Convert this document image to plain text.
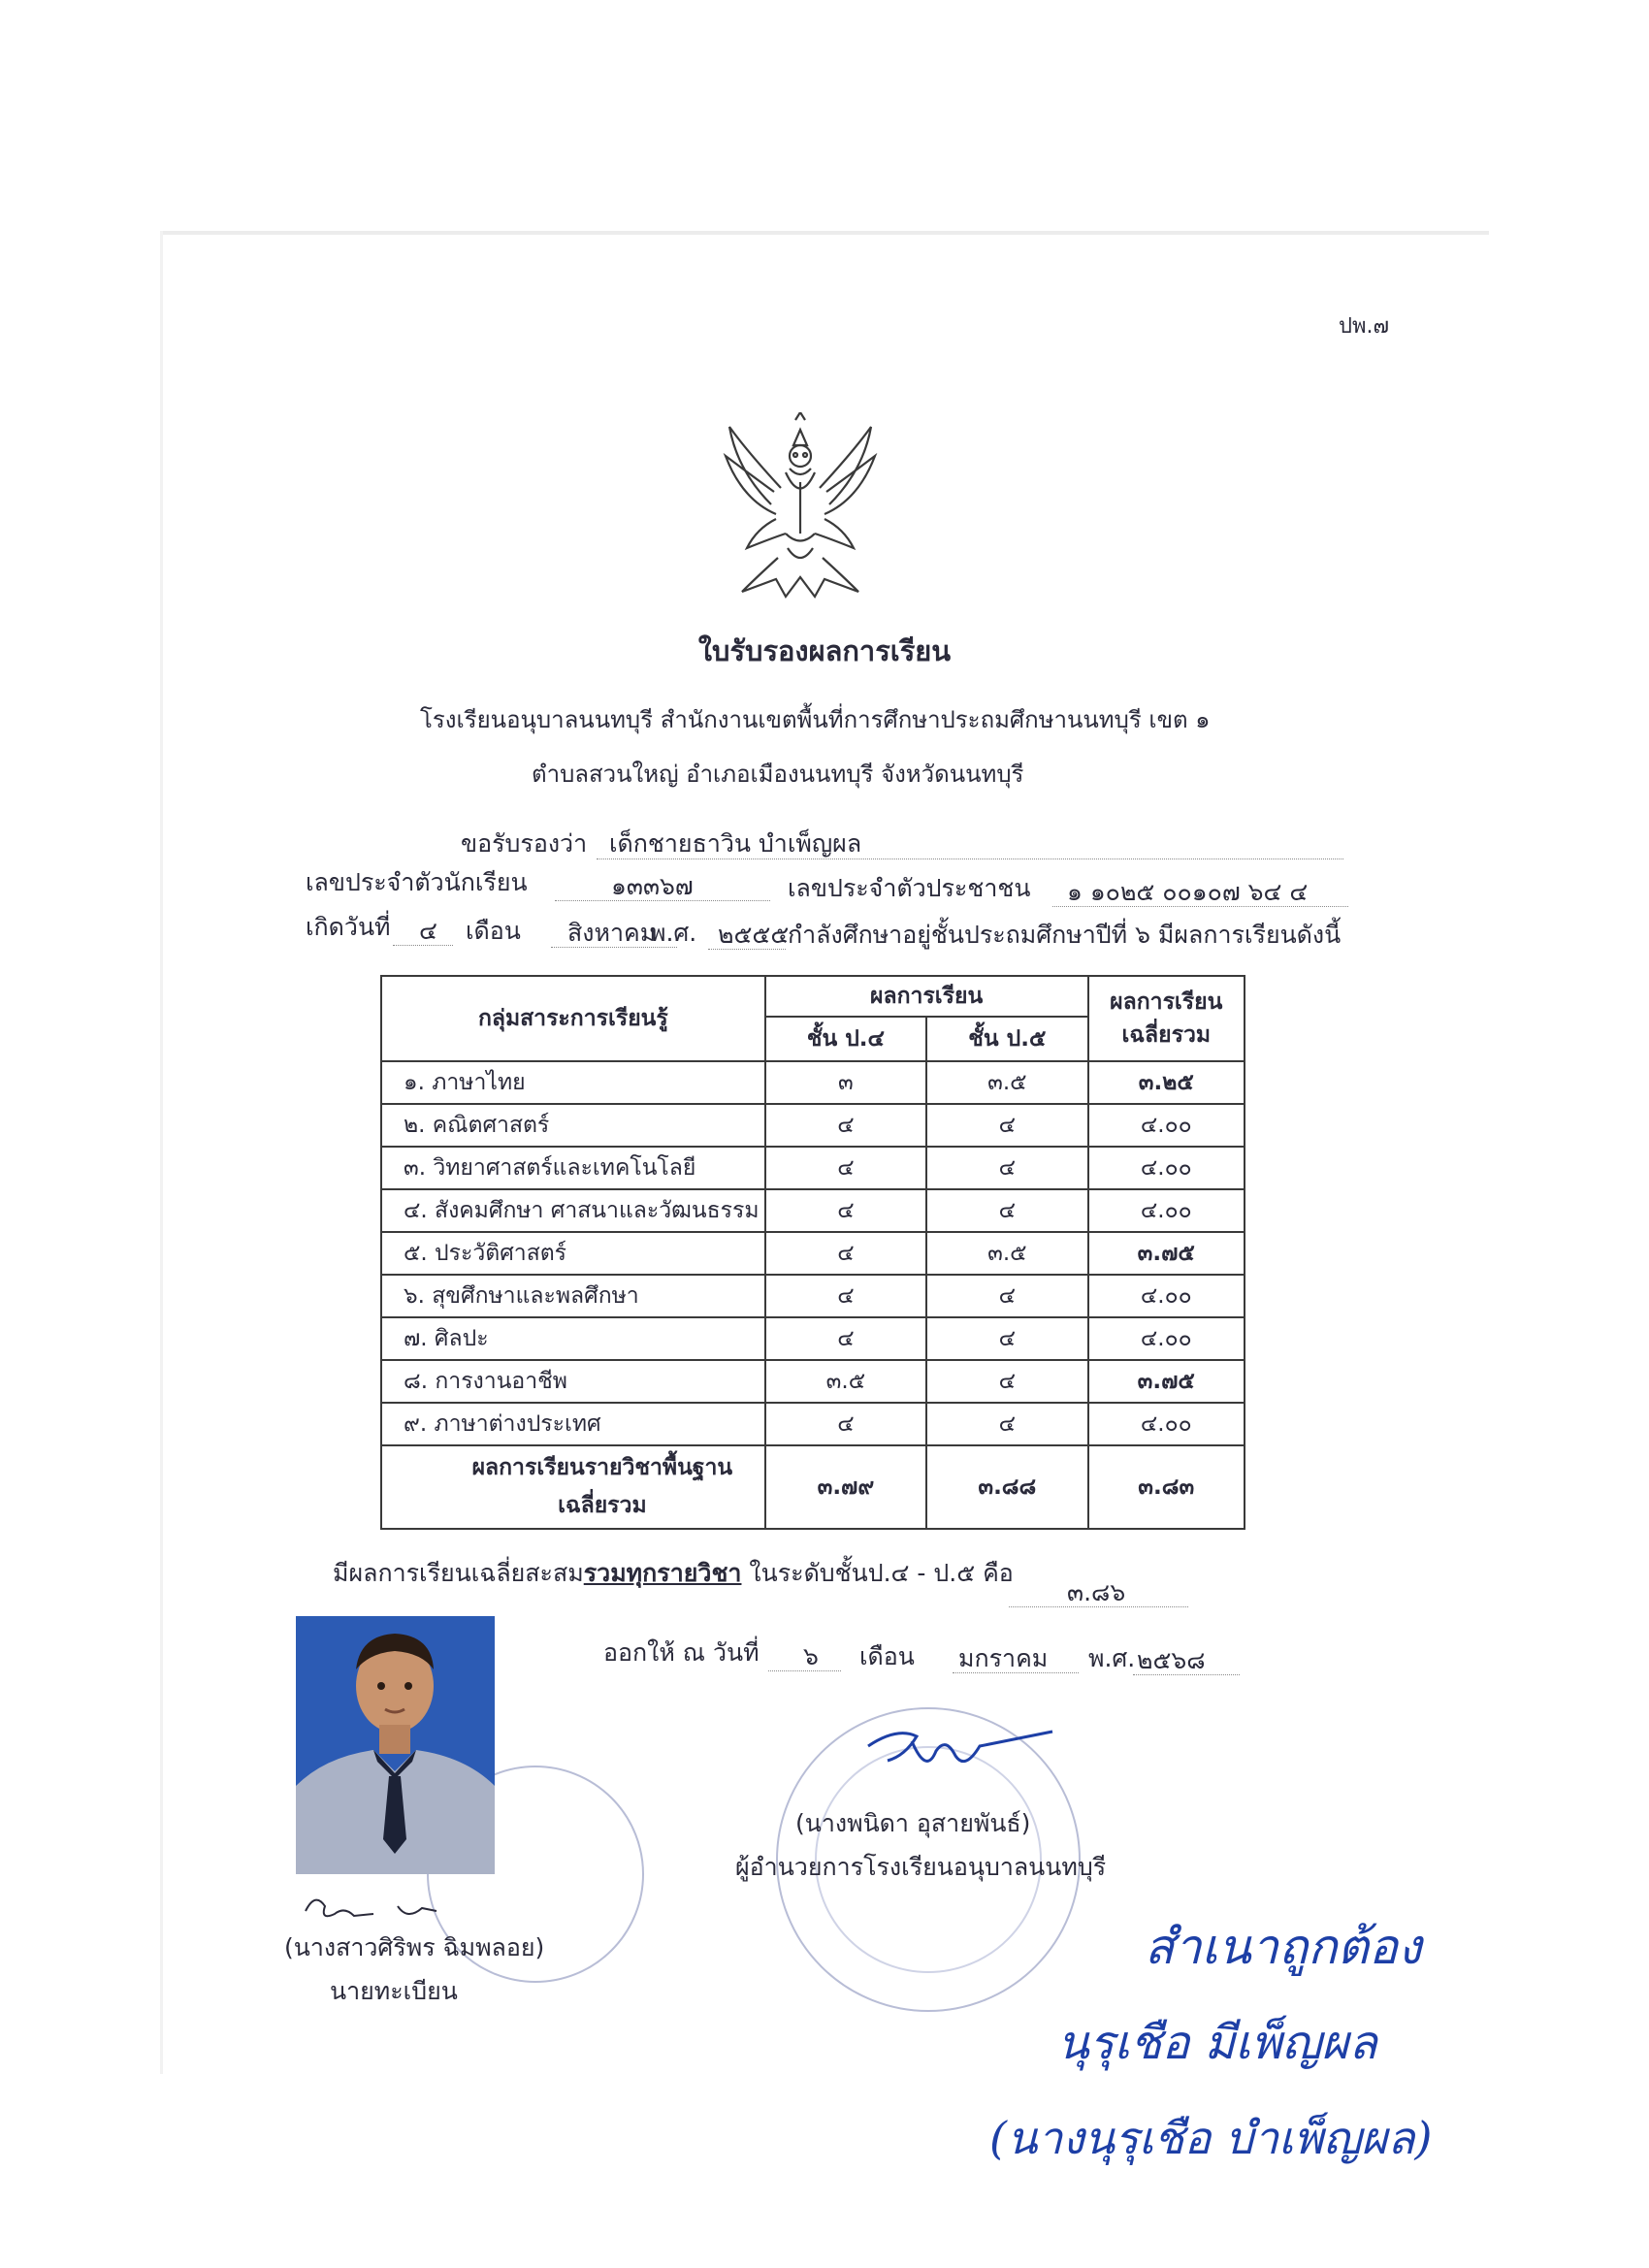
ปพ.๗
ใบรับรองผลการเรียน
โรงเรียนอนุบาลนนทบุรี สำนักงานเขตพื้นที่การศึกษาประถมศึกษานนทบุรี เขต ๑
ตำบลสวนใหญ่ อำเภอเมืองนนทบุรี จังหวัดนนทบุรี
ขอรับรองว่า เด็กชายธาวิน บำเพ็ญผล
เลขประจำตัวนักเรียน	๑๓๓๖๗	เลขประจำตัวประชาชน ๑ ๑๐๒๕ ๐๐๑๐๗ ๖๔ ๔
เกิดวันที่ ๔ เดือน สิงหาคม
พ.ศ. ๒๕๕๕
กำลังศึกษาอยู่ชั้นประถมศึกษาปีที่ ๖ มีผลการเรียนดังนี้
กลุ่มสาระการเรียนรู้	ผลการเรียน		ผลการเรียน
เฉลี่ยรวม

	ชั้น ป.๔	ชั้น ป.๕	
๑. ภาษาไทย	๓	๓.๕	๓.๒๕
๒. คณิตศาสตร์	๔	๔	๔.๐๐
๓. วิทยาศาสตร์และเทคโนโลยี	๔	๔	๔.๐๐
๔. สังคมศึกษา ศาสนาและวัฒนธรรม	๔	๔	๔.๐๐
๕. ประวัติศาสตร์	๔	๓.๕	๓.๗๕
๖. สุขศึกษาและพลศึกษา	๔	๔	๔.๐๐
๗. ศิลปะ	๔	๔	๔.๐๐
๘. การงานอาชีพ	๓.๕	๔	๓.๗๕
๙. ภาษาต่างประเทศ	๔	๔	๔.๐๐

ผลการเรียนรายวิชาพื้นฐาน
เฉลี่ยรวม	๓.๗๙	๓.๘๘	๓.๘๓
มีผลการเรียนเฉลี่ยสะสมรวมทุกรายวิชา ในระดับชั้นป.๔ - ป.๕ คือ
๓.๘๖
ออกให้ ณ วันที่ ๖ เดือน มกราคม พ.ศ. ๒๕๖๘
(นางพนิดา อุสายพันธ์)
ผู้อำนวยการโรงเรียนอนุบาลนนทบุรี
(นางสาวศิริพร ฉิมพลอย)
นายทะเบียน
สำเนาถูกต้อง
นุรุเชือ มีเพ็ญผล
(นางนุรุเชือ บำเพ็ญผล)
